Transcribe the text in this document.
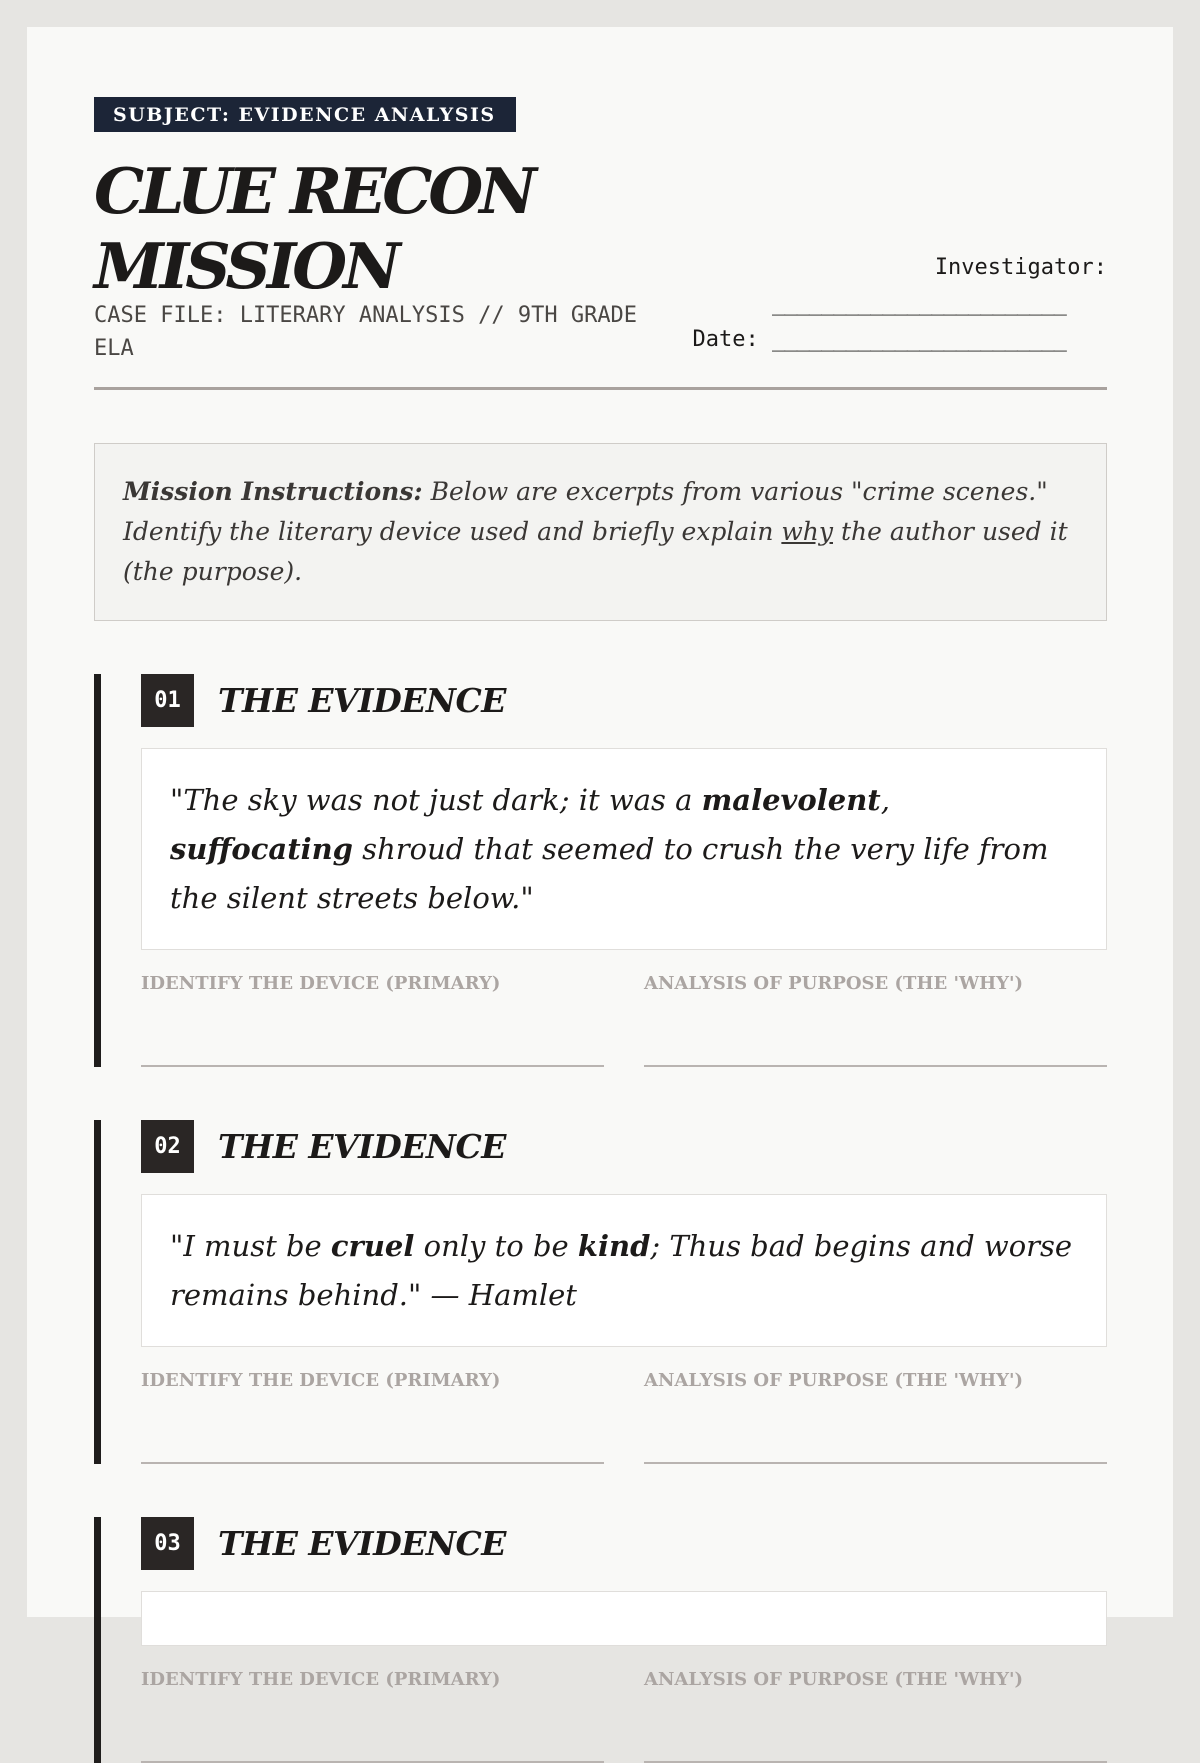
SUBJECT: EVIDENCE ANALYSIS
CLUE RECON
MISSION
CASE FILE: LITERARY ANALYSIS // 9TH GRADE ELA
Investigator:
________________________
Date: ________________________
Mission Instructions: Below are excerpts from various "crime scenes." Identify the literary device used and briefly explain why the author used it (the purpose).
01	THE EVIDENCE
"The sky was not just dark; it was a malevolent, suffocating shroud that seemed to crush the very life from the silent streets below."
IDENTIFY THE DEVICE (PRIMARY)	ANALYSIS OF PURPOSE (THE 'WHY')
02	THE EVIDENCE
"I must be cruel only to be kind; Thus bad begins and worse remains behind." — Hamlet
IDENTIFY THE DEVICE (PRIMARY)	ANALYSIS OF PURPOSE (THE 'WHY')
03	THE EVIDENCE
IDENTIFY THE DEVICE (PRIMARY)	ANALYSIS OF PURPOSE (THE 'WHY')
